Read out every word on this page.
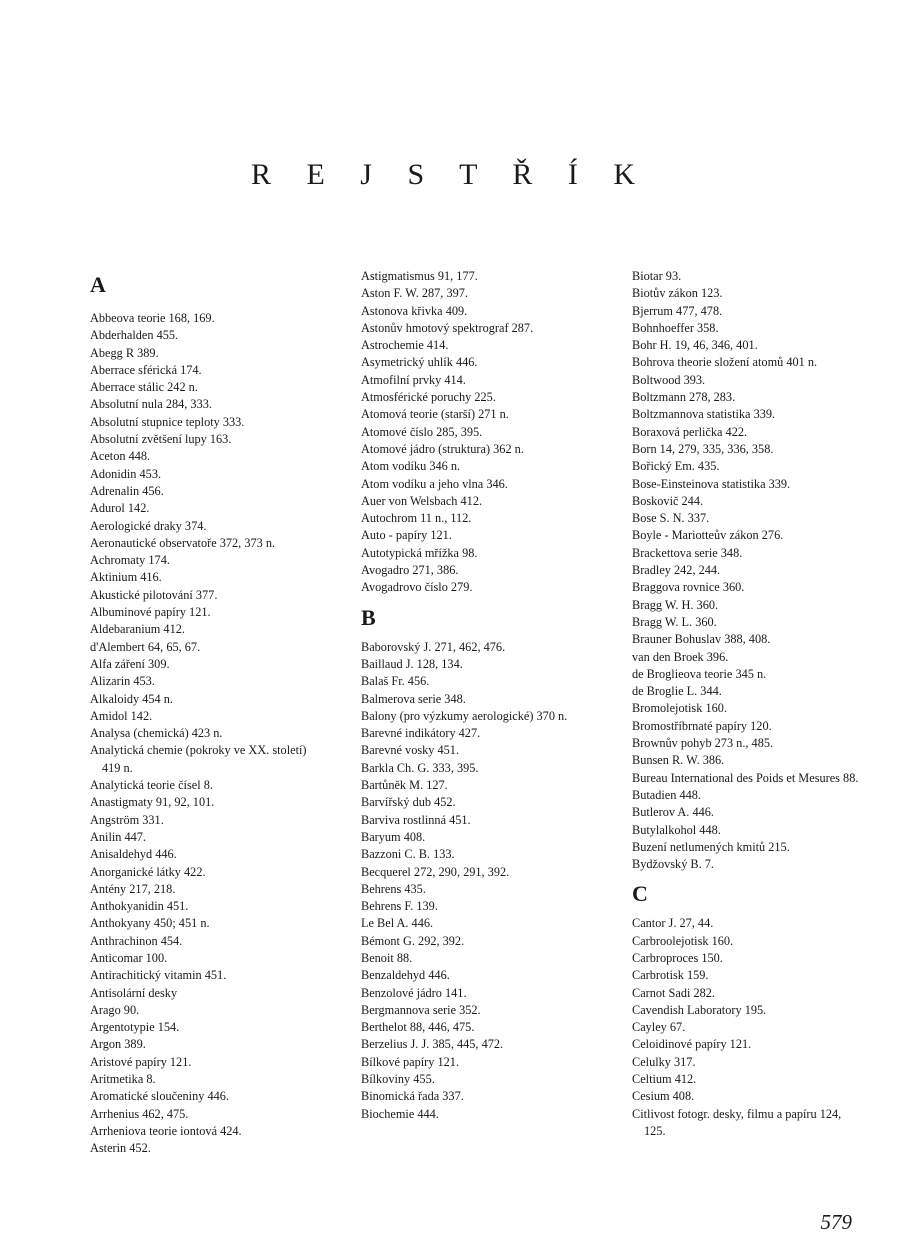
R E J S T Ř Í K
A
Abbeova teorie 168, 169.
Abderhalden 455.
Abegg R 389.
Aberrace sférická 174.
Aberrace stálic 242 n.
Absolutní nula 284, 333.
Absolutní stupnice teploty 333.
Absolutní zvětšení lupy 163.
Aceton 448.
Adonidin 453.
Adrenalin 456.
Adurol 142.
Aerologické draky 374.
Aeronautické observatoře 372, 373 n.
Achromaty 174.
Aktinium 416.
Akustické pilotování 377.
Albuminové papíry 121.
Aldebaranium 412.
d'Alembert 64, 65, 67.
Alfa záření 309.
Alizarin 453.
Alkaloidy 454 n.
Amidol 142.
Analysa (chemická) 423 n.
Analytická chemie (pokroky ve XX. století) 419 n.
Analytická teorie čísel 8.
Anastigmaty 91, 92, 101.
Angström 331.
Anilin 447.
Anisaldehyd 446.
Anorganické látky 422.
Antény 217, 218.
Anthokyanidin 451.
Anthokyany 450; 451 n.
Anthrachinon 454.
Anticomar 100.
Antirachitický vitamin 451.
Antisolární desky
Arago 90.
Argentotypie 154.
Argon 389.
Aristové papíry 121.
Aritmetika 8.
Aromatické sloučeniny 446.
Arrhenius 462, 475.
Arrheniova teorie iontová 424.
Asterin 452.
Astigmatismus 91, 177.
Aston F. W. 287, 397.
Astonova křivka 409.
Astonův hmotový spektrograf 287.
Astrochemie 414.
Asymetrický uhlík 446.
Atmofilní prvky 414.
Atmosférické poruchy 225.
Atomová teorie (starší) 271 n.
Atomové číslo 285, 395.
Atomové jádro (struktura) 362 n.
Atom vodíku 346 n.
Atom vodíku a jeho vlna 346.
Auer von Welsbach 412.
Autochrom 11 n., 112.
Auto - papíry 121.
Autotypická mřížka 98.
Avogadro 271, 386.
Avogadrovo číslo 279.
B
Baborovský J. 271, 462, 476.
Baillaud J. 128, 134.
Balaš Fr. 456.
Balmerova serie 348.
Balony (pro výzkumy aerologické) 370 n.
Barevné indikátory 427.
Barevné vosky 451.
Barkla Ch. G. 333, 395.
Bartůněk M. 127.
Barvířský dub 452.
Barviva rostlinná 451.
Baryum 408.
Bazzoni C. B. 133.
Becquerel 272, 290, 291, 392.
Behrens 435.
Behrens F. 139.
Le Bel A. 446.
Bémont G. 292, 392.
Benoit 88.
Benzaldehyd 446.
Benzolové jádro 141.
Bergmannova serie 352.
Berthelot 88, 446, 475.
Berzelius J. J. 385, 445, 472.
Bílkové papíry 121.
Bílkoviny 455.
Binomická řada 337.
Biochemie 444.
Biotar 93.
Biotův zákon 123.
Bjerrum 477, 478.
Bohnhoeffer 358.
Bohr H. 19, 46, 346, 401.
Bohrova theorie složení atomů 401 n.
Boltwood 393.
Boltzmann 278, 283.
Boltzmannova statistika 339.
Boraxová perlička 422.
Born 14, 279, 335, 336, 358.
Bořický Em. 435.
Bose-Einsteinova statistika 339.
Boskovič 244.
Bose S. N. 337.
Boyle - Mariotteův zákon 276.
Brackettova serie 348.
Bradley 242, 244.
Braggova rovnice 360.
Bragg W. H. 360.
Bragg W. L. 360.
Brauner Bohuslav 388, 408.
van den Broek 396.
de Broglieova teorie 345 n.
de Broglie L. 344.
Bromolejotisk 160.
Bromostříbrnaté papíry 120.
Brownův pohyb 273 n., 485.
Bunsen R. W. 386.
Bureau International des Poids et Mesures 88.
Butadien 448.
Butlerov A. 446.
Butylalkohol 448.
Buzení netlumených kmitů 215.
Bydžovský B. 7.
C
Cantor J. 27, 44.
Carbroolejotisk 160.
Carbroproces 150.
Carbrotisk 159.
Carnot Sadi 282.
Cavendish Laboratory 195.
Cayley 67.
Celoidinové papíry 121.
Celulky 317.
Celtium 412.
Cesium 408.
Citlivost fotogr. desky, filmu a papíru 124, 125.
579
